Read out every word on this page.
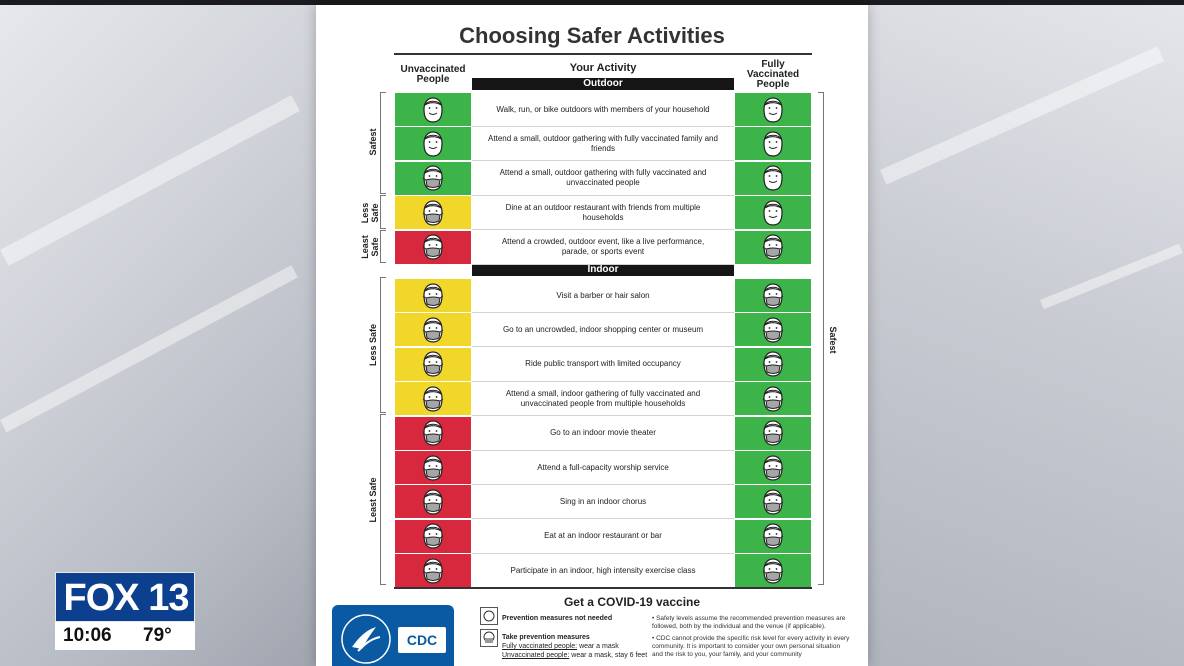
Choosing Safer Activities
Unvaccinated
People
Your Activity	Fully
Vaccinated
People
Outdoor
Indoor
Safest
Less Safe
Least Safe
Less Safe
Least Safe
Safest
Walk, run, or bike outdoors with members of your household
Attend a small, outdoor gathering with fully vaccinated family and friends
Attend a small, outdoor gathering with fully vaccinated and unvaccinated people
Dine at an outdoor restaurant with friends from multiple households
Attend a crowded, outdoor event, like a live performance, parade, or sports event
Visit a barber or hair salon
Go to an uncrowded, indoor shopping center or museum
Ride public transport with limited occupancy
Attend a small, indoor gathering of fully vaccinated and unvaccinated people from multiple households
Go to an indoor movie theater
Attend a full-capacity worship service
Sing in an indoor chorus
Eat at an indoor restaurant or bar
Participate in an indoor, high intensity exercise class
Get a COVID-19 vaccine
CDC
Prevention measures not needed
Take prevention measures
Fully vaccinated people: wear a mask
Unvaccinated people: wear a mask, stay 6 feet
• Safety levels assume the recommended prevention measures are followed, both by the individual and the venue (if applicable).
• CDC cannot provide the specific risk level for every activity in every community. It is important to consider your own personal situation and the risk to you, your family, and your community
FOX 13
10:06 79°
